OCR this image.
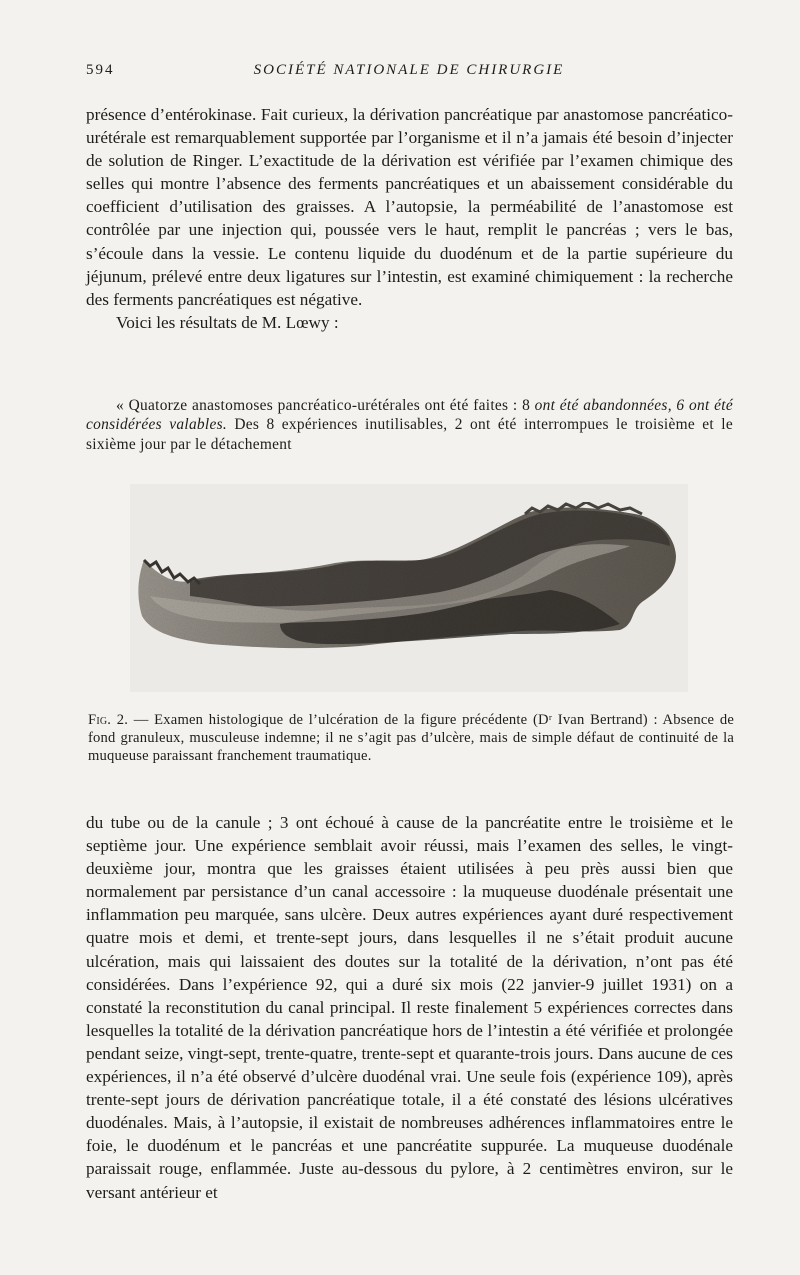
594	SOCIÉTÉ NATIONALE DE CHIRURGIE

présence d’entérokinase. Fait curieux, la dérivation pancréatique par anastomose pancréatico-urétérale est remarquablement supportée par l’organisme et il n’a jamais été besoin d’injecter de solution de Ringer. L’exactitude de la dérivation est vérifiée par l’examen chimique des selles qui montre l’absence des ferments pancréatiques et un abaissement considérable du coefficient d’utilisation des graisses. A l’autopsie, la perméabilité de l’anastomose est contrôlée par une injection qui, poussée vers le haut, remplit le pancréas ; vers le bas, s’écoule dans la vessie. Le contenu liquide du duodénum et de la partie supérieure du jéjunum, prélevé entre deux ligatures sur l’intestin, est examiné chimiquement : la recherche des ferments pancréatiques est négative.

Voici les résultats de M. Lœwy :

« Quatorze anastomoses pancréatico-urétérales ont été faites : 8 ont été abandonnées, 6 ont été considérées valables. Des 8 expériences inutilisables, 2 ont été interrompues le troisième et le sixième jour par le détachement
Fig. 2. — Examen histologique de l’ulcération de la figure précédente (Dʳ Ivan Bertrand) : Absence de fond granuleux, musculeuse indemne; il ne s’agit pas d’ulcère, mais de simple défaut de continuité de la muqueuse paraissant franchement traumatique.

du tube ou de la canule ; 3 ont échoué à cause de la pancréatite entre le troisième et le septième jour. Une expérience semblait avoir réussi, mais l’examen des selles, le vingt-deuxième jour, montra que les graisses étaient utilisées à peu près aussi bien que normalement par persistance d’un canal accessoire : la muqueuse duodénale présentait une inflammation peu marquée, sans ulcère. Deux autres expériences ayant duré respectivement quatre mois et demi, et trente-sept jours, dans lesquelles il ne s’était produit aucune ulcération, mais qui laissaient des doutes sur la totalité de la dérivation, n’ont pas été considérées. Dans l’expérience 92, qui a duré six mois (22 janvier-9 juillet 1931) on a constaté la reconstitution du canal principal. Il reste finalement 5 expériences correctes dans lesquelles la totalité de la dérivation pancréatique hors de l’intestin a été vérifiée et prolongée pendant seize, vingt-sept, trente-quatre, trente-sept et quarante-trois jours. Dans aucune de ces expériences, il n’a été observé d’ulcère duodénal vrai. Une seule fois (expérience 109), après trente-sept jours de dérivation pancréatique totale, il a été constaté des lésions ulcératives duodénales. Mais, à l’autopsie, il existait de nombreuses adhérences inflammatoires entre le foie, le duodénum et le pancréas et une pancréatite suppurée. La muqueuse duodénale paraissait rouge, enflammée. Juste au-dessous du pylore, à 2 centimètres environ, sur le versant antérieur et
